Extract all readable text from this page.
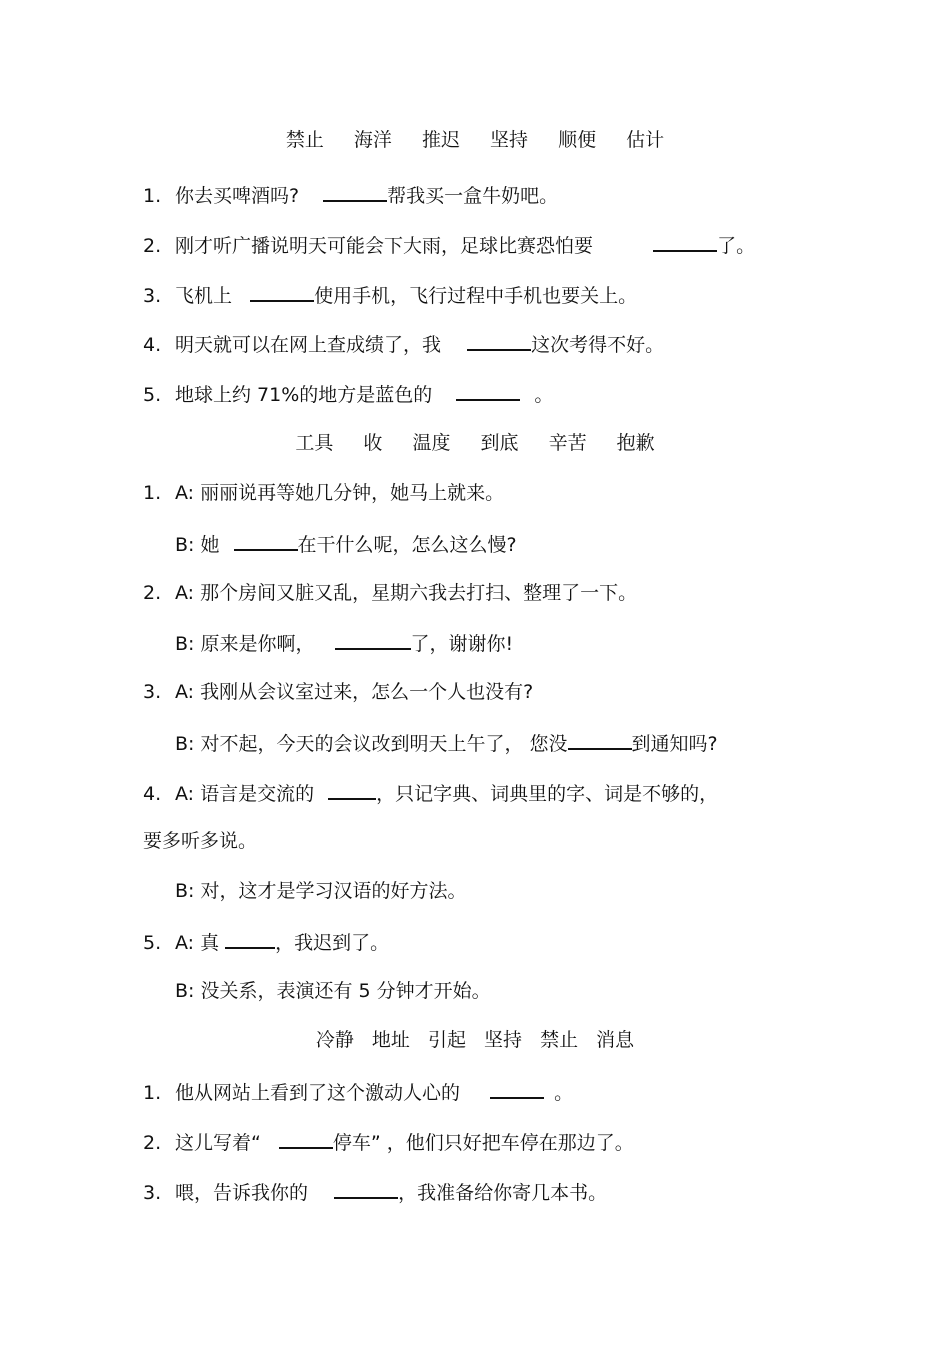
禁止 海洋 推迟 坚持 顺便 估计
1. 你去买啤酒吗?	帮我买一盒牛奶吧。
2. 刚才听广播说明天可能会下大雨，足球比赛恐怕要	了。
3. 飞机上	使用手机，飞行过程中手机也要关上。
4. 明天就可以在网上查成绩了，我	这次考得不好。
5. 地球上约 71%的地方是蓝色的	。
工具 收 温度 到底 辛苦 抱歉
1. A: 丽丽说再等她几分钟，她马上就来。
B: 她	在干什么呢，怎么这么慢?
2. A: 那个房间又脏又乱，星期六我去打扫、整理了一下。
B: 原来是你啊，	了，谢谢你!
3. A: 我刚从会议室过来，怎么一个人也没有?
B: 对不起，今天的会议改到明天上午了， 您没	到通知吗?
4. A: 语言是交流的	，只记字典、词典里的字、词是不够的，
要多听多说。
B: 对，这才是学习汉语的好方法。
5. A: 真	，我迟到了。
B: 没关系，表演还有 5 分钟才开始。
冷静 地址 引起 坚持 禁止 消息
1. 他从网站上看到了这个激动人心的	。
2. 这儿写着“	停车” ，他们只好把车停在那边了。
3. 喂，告诉我你的	，我准备给你寄几本书。
